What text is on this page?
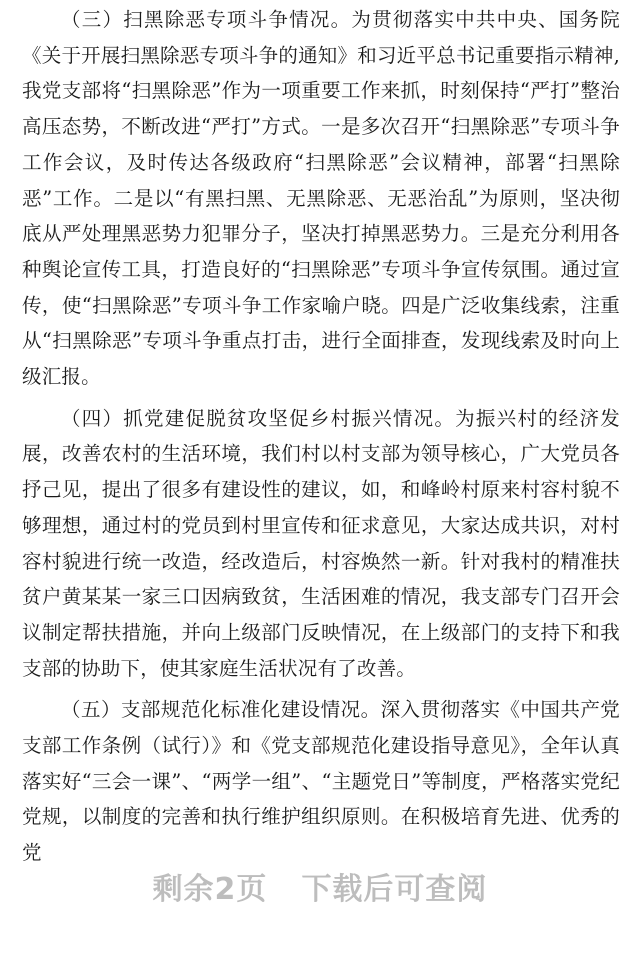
（三）扫黑除恶专项斗争情况。为贯彻落实中共中央、国务院《关于开展扫黑除恶专项斗争的通知》和习近平总书记重要指示精神,我党支部将“扫黑除恶”作为一项重要工作来抓，时刻保持“严打”整治高压态势，不断改进“严打”方式。一是多次召开“扫黑除恶”专项斗争工作会议，及时传达各级政府“扫黑除恶”会议精神，部署“扫黑除恶”工作。二是以“有黑扫黑、无黑除恶、无恶治乱”为原则，坚决彻底从严处理黑恶势力犯罪分子，坚决打掉黑恶势力。三是充分利用各种舆论宣传工具，打造良好的“扫黑除恶”专项斗争宣传氛围。通过宣传，使“扫黑除恶”专项斗争工作家喻户晓。四是广泛收集线索，注重从“扫黑除恶”专项斗争重点打击，进行全面排查，发现线索及时向上级汇报。

（四）抓党建促脱贫攻坚促乡村振兴情况。为振兴村的经济发展，改善农村的生活环境，我们村以村支部为领导核心，广大党员各抒己见，提出了很多有建设性的建议，如，和峰岭村原来村容村貌不够理想，通过村的党员到村里宣传和征求意见，大家达成共识，对村容村貌进行统一改造，经改造后，村容焕然一新。针对我村的精准扶贫户黄某某一家三口因病致贫，生活困难的情况，我支部专门召开会议制定帮扶措施，并向上级部门反映情况，在上级部门的支持下和我支部的协助下，使其家庭生活状况有了改善。

（五）支部规范化标准化建设情况。深入贯彻落实《中国共产党支部工作条例（试行）》和《党支部规范化建设指导意见》，全年认真落实好“三会一课”、“两学一组”、“主题党日”等制度，严格落实党纪党规，以制度的完善和执行维护组织原则。在积极培育先进、优秀的党

剩余2页 下载后可查阅
